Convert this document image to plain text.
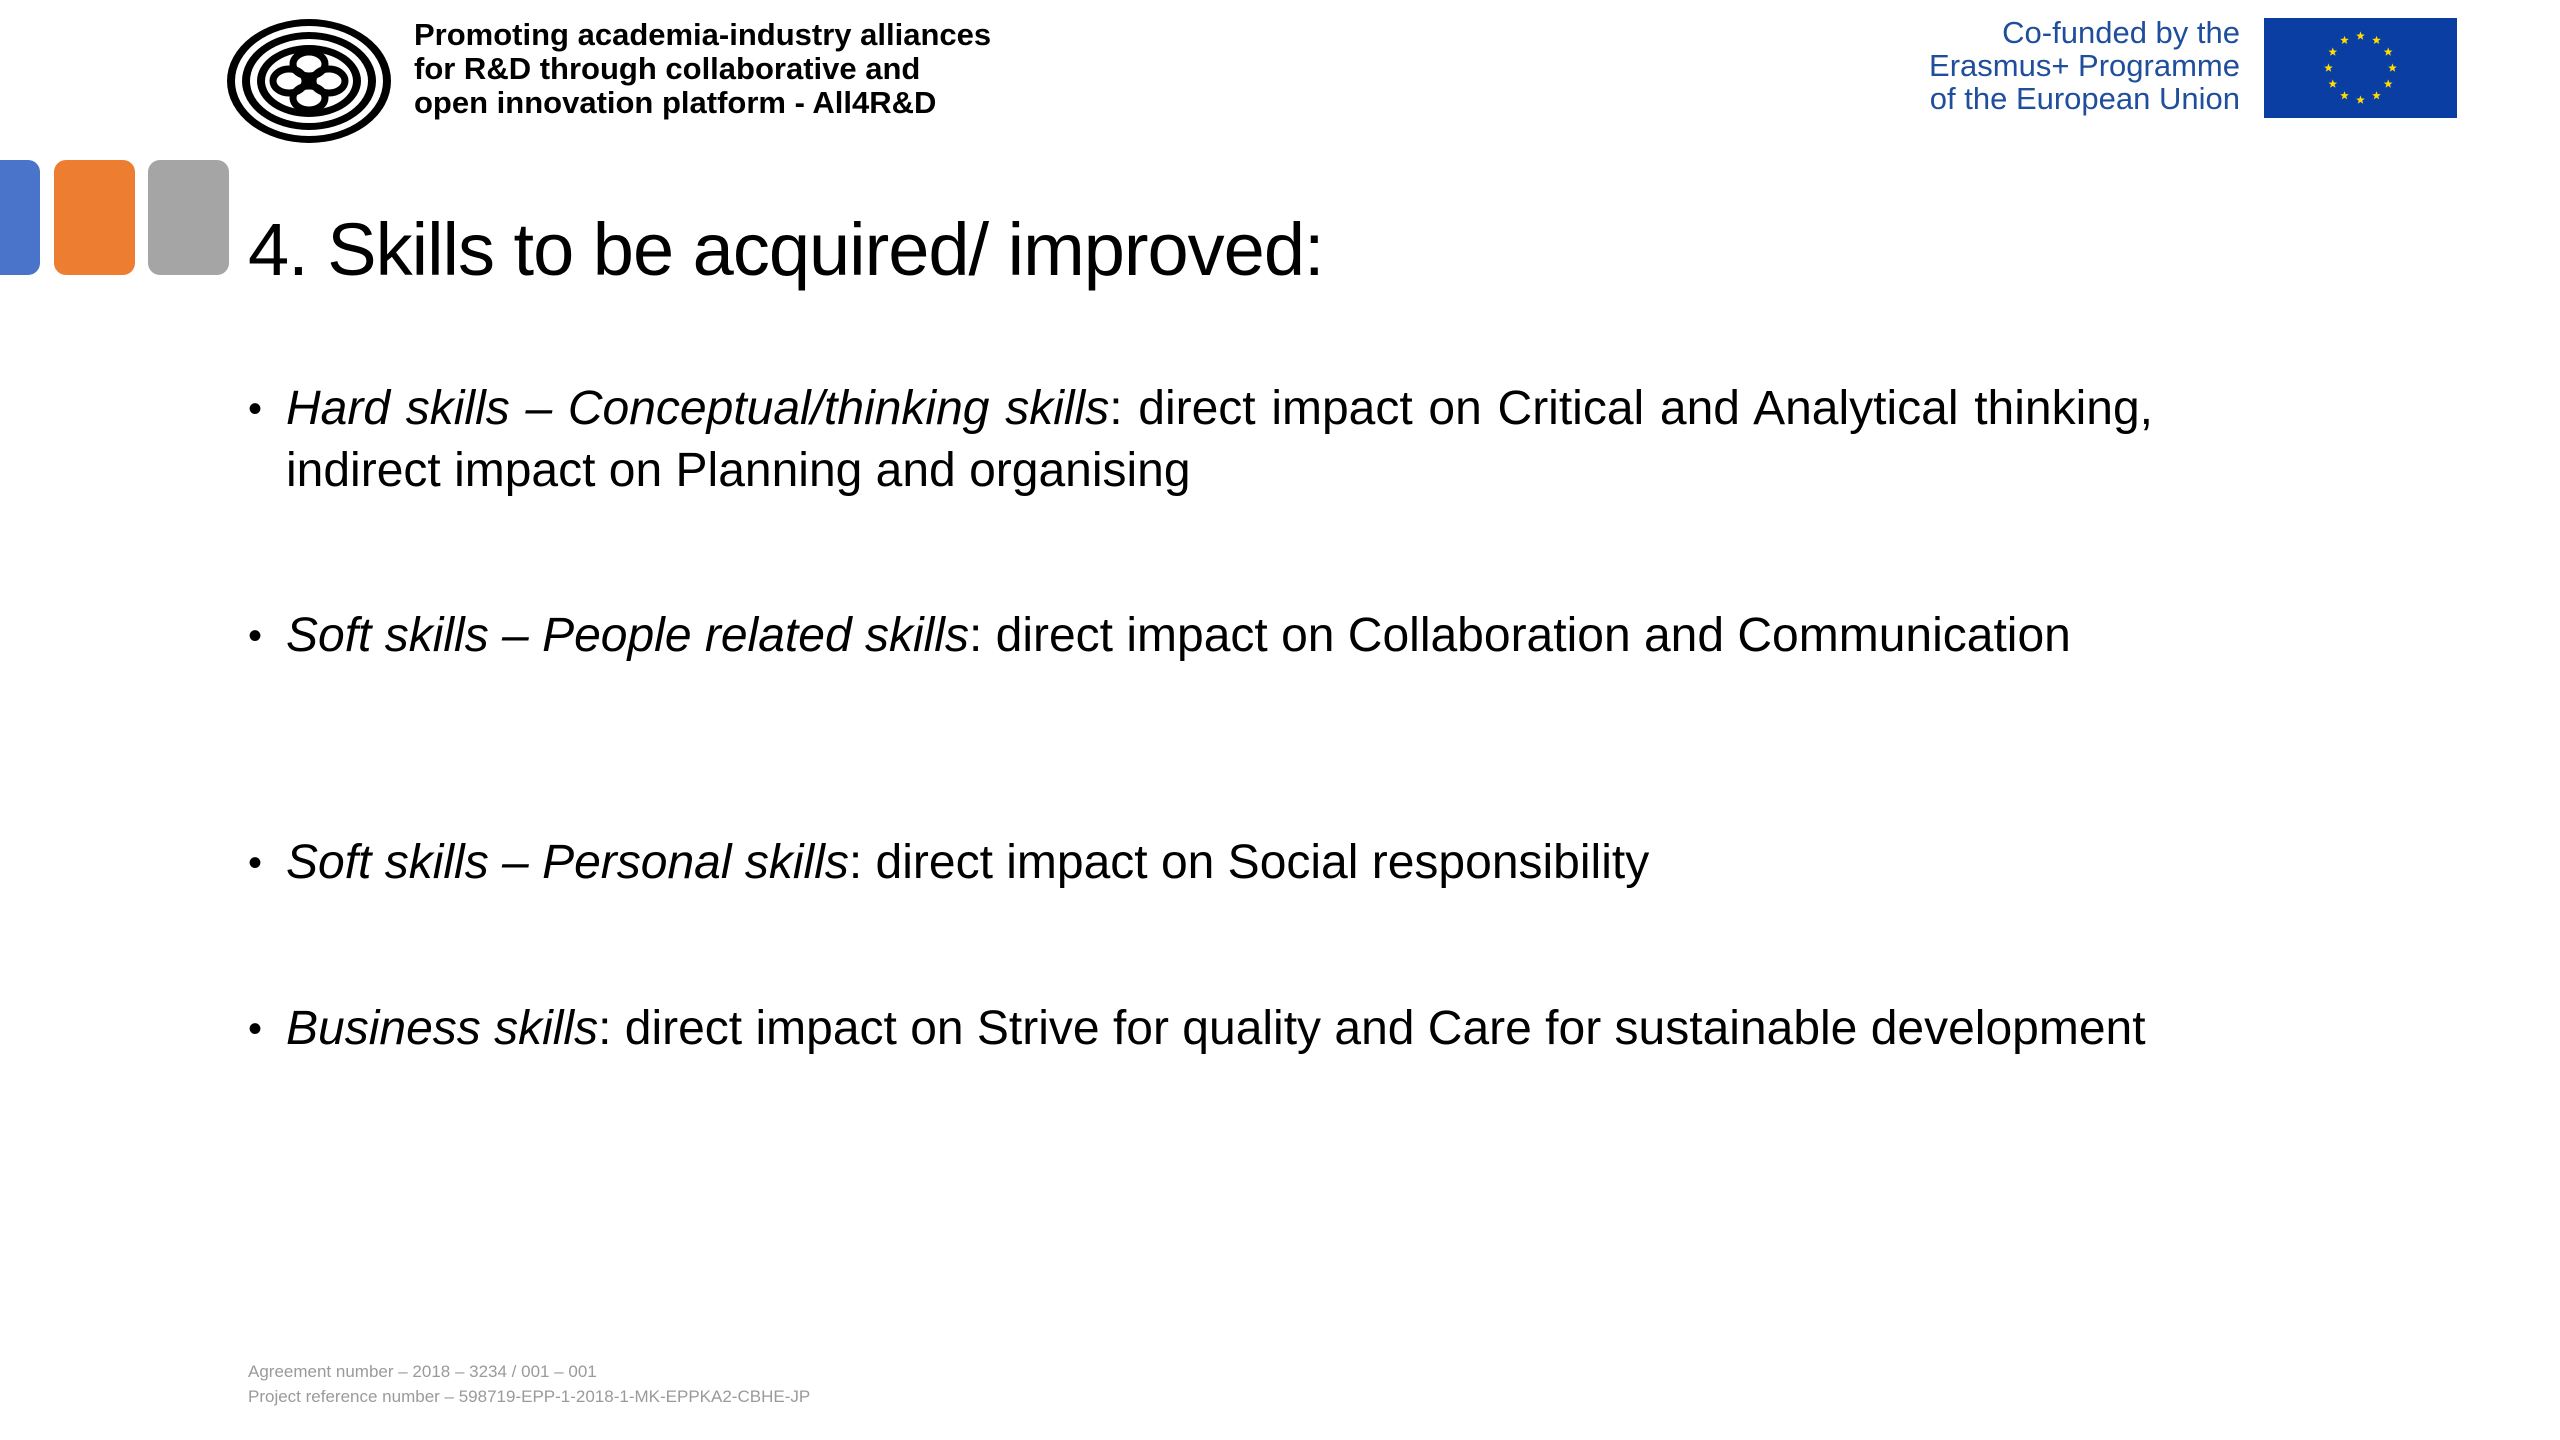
Promoting academia-industry alliances
for R&D through collaborative and
open innovation platform - All4R&D
Co-funded by the
Erasmus+ Programme
of the European Union
4. Skills to be acquired/ improved:
• Hard skills – Conceptual/thinking skills: direct impact on Critical and Analytical thinking, indirect impact on Planning and organising
• Soft skills – People related skills: direct impact on Collaboration and Communication
• Soft skills – Personal skills: direct impact on Social responsibility
• Business skills: direct impact on Strive for quality and Care for sustainable development
Agreement number – 2018 – 3234 / 001 – 001
Project reference number – 598719-EPP-1-2018-1-MK-EPPKA2-CBHE-JP
